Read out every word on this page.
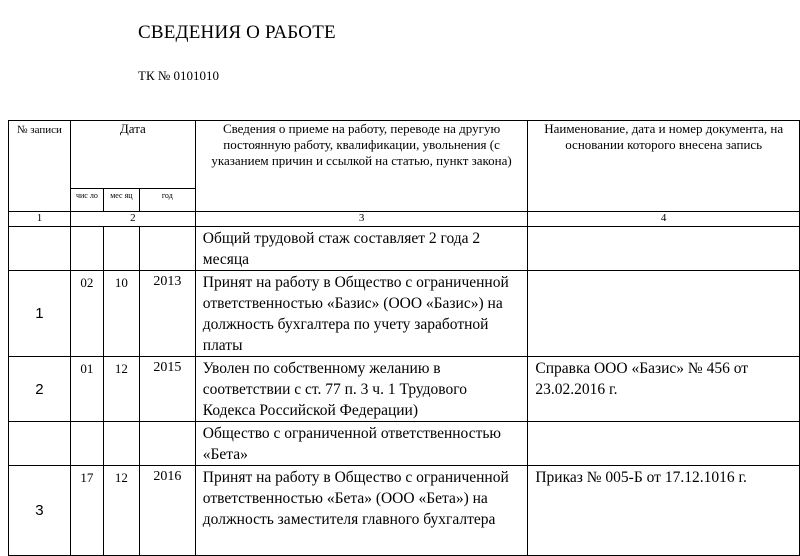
СВЕДЕНИЯ О РАБОТЕ
ТК № 0101010
№ записи	Дата			Сведения о приеме на работу, переводе на другую постоянную работу, квалификации, увольнения (с указанием причин и ссылкой на статью, пункт закона)	Наименование, дата и номер документа, на основании которого внесена запись
	чис ло	мес яц	год		
1	2			3	4
				Общий трудовой стаж составляет 2 года 2 месяца	
1	02	10	2013	Принят на работу в Общество с ограниченной ответственностью «Базис» (ООО «Базис») на должность бухгалтера по учету заработной платы	
2	01	12	2015	Уволен по собственному желанию в соответствии с ст. 77 п. 3 ч. 1 Трудового Кодекса Российской Федерации)	Справка ООО «Базис» № 456 от 23.02.2016 г.
				Общество с ограниченной ответственностью «Бета»	
3	17	12	2016	Принят на работу в Общество с ограниченной ответственностью «Бета» (ООО «Бета») на должность заместителя главного бухгалтера	Приказ № 005-Б от 17.12.1016 г.
